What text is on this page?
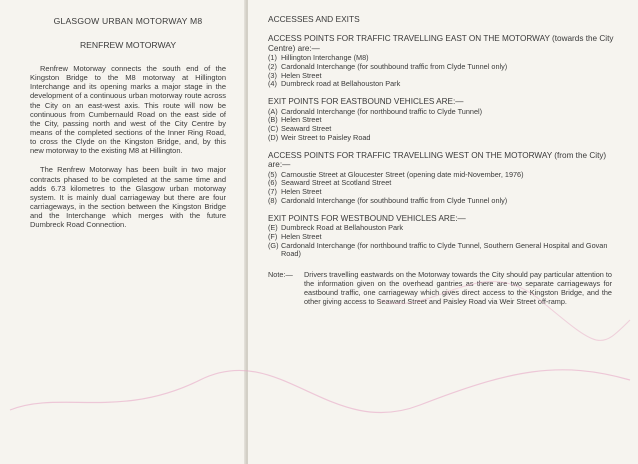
GLASGOW URBAN MOTORWAY M8
RENFREW MOTORWAY

Renfrew Motorway connects the south end of the Kingston Bridge to the M8 motorway at Hillington Interchange and its opening marks a major stage in the development of a continuous urban motorway route across the City on an east-west axis. This route will now be continuous from Cumbernauld Road on the east side of the City, passing north and west of the City Centre by means of the completed sections of the Inner Ring Road, to cross the Clyde on the Kingston Bridge, and, by this new motorway to the existing M8 at Hillington.

The Renfrew Motorway has been built in two major contracts phased to be completed at the same time and adds 6.73 kilometres to the Glasgow urban motorway system. It is mainly dual carriageway but there are four carriageways, in the section between the Kingston Bridge and the Interchange which merges with the future Dumbreck Road Connection.

ACCESSES AND EXITS
ACCESS POINTS FOR TRAFFIC TRAVELLING EAST ON THE MOTORWAY (towards the City Centre) are:—
(1) Hillington Interchange (M8)
(2) Cardonald Interchange (for southbound traffic from Clyde Tunnel only)
(3) Helen Street
(4) Dumbreck road at Bellahouston Park
EXIT POINTS FOR EASTBOUND VEHICLES ARE:—
(A) Cardonald Interchange (for northbound traffic to Clyde Tunnel)
(B) Helen Street
(C) Seaward Street
(D) Weir Street to Paisley Road
ACCESS POINTS FOR TRAFFIC TRAVELLING WEST ON THE MOTORWAY (from the City) are:—
(5) Carnoustie Street at Gloucester Street (opening date mid-November, 1976)
(6) Seaward Street at Scotland Street
(7) Helen Street
(8) Cardonald Interchange (for southbound traffic from Clyde Tunnel only)
EXIT POINTS FOR WESTBOUND VEHICLES ARE:—
(E) Dumbreck Road at Bellahouston Park
(F) Helen Street
(G) Cardonald Interchange (for northbound traffic to Clyde Tunnel, Southern General Hospital and Govan Road)
Note:—	Drivers travelling eastwards on the Motorway towards the City should pay particular attention to the information given on the overhead gantries as there are two separate carriageways for eastbound traffic, one carriageway which gives direct access to the Kingston Bridge, and the other giving access to Seaward Street and Paisley Road via Weir Street off-ramp.
